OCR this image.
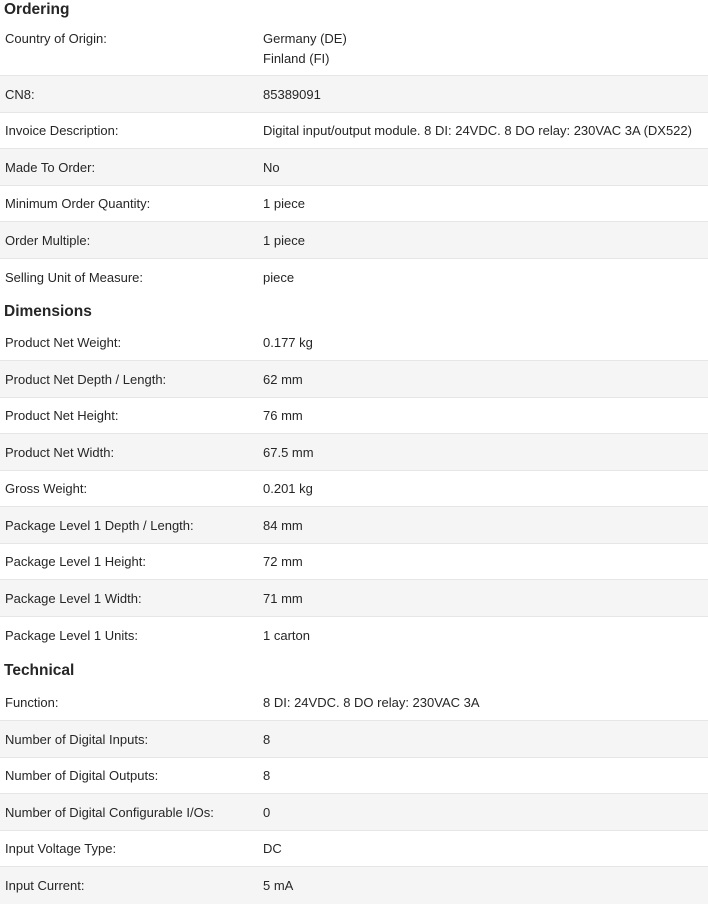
Ordering
Country of Origin:	Germany (DE)
Finland (FI)
CN8:	85389091
Invoice Description:	Digital input/output module. 8 DI: 24VDC. 8 DO relay: 230VAC 3A (DX522)
Made To Order:	No
Minimum Order Quantity:	1 piece
Order Multiple:	1 piece
Selling Unit of Measure:	piece
Dimensions
Product Net Weight:	0.177 kg
Product Net Depth / Length:	62 mm
Product Net Height:	76 mm
Product Net Width:	67.5 mm
Gross Weight:	0.201 kg
Package Level 1 Depth / Length:	84 mm
Package Level 1 Height:	72 mm
Package Level 1 Width:	71 mm
Package Level 1 Units:	1 carton
Technical
Function:	8 DI: 24VDC. 8 DO relay: 230VAC 3A
Number of Digital Inputs:	8
Number of Digital Outputs:	8
Number of Digital Configurable I/Os:	0
Input Voltage Type:	DC
Input Current:	5 mA
